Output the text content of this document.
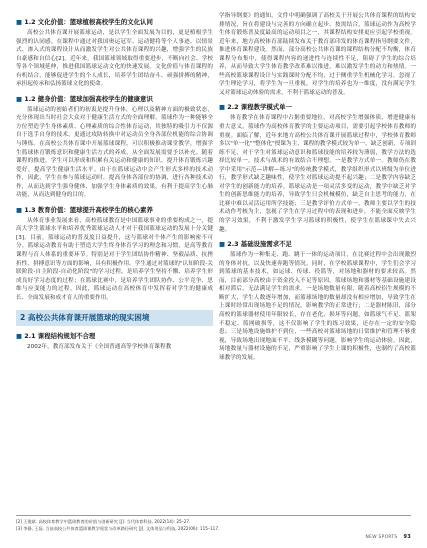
■ 1.2 文化价值：篮球植根高校学生的文化认同

高校公共体育课开展篮球运动，是以学生全面发展为目的，更是植根学生强烈的认同感。在课程中通过对我国奥运冠军、运动健将等个人事迹，以情景式、渗入式的课程设计从而激发学生对公共体育课程的兴趣，增强学生的民族自豪感和自信心[2]。近年来，我国篮球领域取得重要进步，不断向社会、学校等各个领域延伸，推进我国篮球运动文化的快速发展。文化价值与体育课程的有机结合，能够促进学生的个人成长，培养学生团结奋斗、顽强拼搏的精神，承担起传承和弘扬篮球文化的使命。

■ 1.2 健身价值：篮球加强高校学生的健康意识

篮球运动的创始者们的初衷是提升身体，心理以及精神方面的极致状态，充分体现出当时社会大众对于健康生活方式的全面理解。篮球作为一种能够全方位塑造学生身体素质、心理素质的综合性体育运动，其独特的吸引力不仅源自于选手自身的技术，更通过攻防转换中对运动员全身各部位机能的综合协调与锤炼。在高校公共体育课中开展篮球课程，可以积极推动课堂教学，增强学生篮球体育锻炼意识和健康生活方式的养成，从全面发展需要予以补充。随着课程的推进，学生可以形成和积累有关运动和健康的知识，提升体育锻炼兴趣爱好，提高学生健康生活水平。由于在篮球运动中会产生形式多样的技术动作，因此，学生在参与篮球运动时，提高身体各部位的协调，进行各种技术动作，从而达到学生强身健体、加强学生身体素质的效果，有利于提高学生心肺功能，从而达到健身的目的。

■ 1.3 教育价值：篮球提升高校学生的核心素养

从体育事业发展来看，高校篮球教育是中国篮球事业的重要构成之一，提高大学生篮球水平和培养优秀篮球运动人才对于我国篮球运动的发展十分关键[3]。目前，篮球运动的普及度日益提升，这与篮球对个体产生的影响密不可分。篮球运动教育有助于塑造大学生终身体育学习的理念和习惯，是高等教育课程与育人体系的重要环节。特别是对于学生团结协作精神、坚毅品质、抗挫折性、拼搏意识等方面的影响，具有积极作用。学生通过对篮球的"认知阶段-关联阶段-自主阶段-自动化阶段"的学习过程，是培养学生坚持不懈、培养学生形成良好学习态度的过程；在篮球比赛中，是培养学生团队协作、公平竞争、思维与应变能力的过程。因此，篮球运动在高校体育中发挥着对学生的健康成长、全面发展和成才育人的重要作用。

2 高校公共体育课开展篮球的现实困境
■ 2.1 课程结构规划不合理

2002年，教育部发布关于《全国普通高等学校体育课程教

学指导纲要》的通知，文件中明确强调了高校关于开展公共体育课程的结构安排情况，旨在将建设与完善的方向确立起步、按需结合，篮球运动作为高校学生体育锻炼普及度最高的运动项目之一，其课程结构安排更应引起学校重视。近年来，地方高校体育部陆续发布关于教育部印发的体育课程指导纲要文件，推进体育课程建设。然而，部分高校公共体育课的课程结构分配不均衡，体育课程分布集中，使得课程内容的递进性与连续性不足，阻碍了学生的综合培养，从而导致大学生体育教学改革难以推进，难以激发学生的动力和热情。一些高校篮球课程设计与实践课时分配不均，过于侧重学生机械化学习，忽视了学生理论学习，将学生为一旦重视，对学生的培养也为一维度，没有满足学生又对篮球运动体验的需求，不利于篮球运动的普及。

■ 2.2 课程教学模式单一

体育教学在体育课程中占据重要地位，对高校学生增强体质、增进健康有重大意义。篮球作为高校体育教学的主要运动项目，需要引起学校体育教师的重视。面临了解，近年来地方高校公共体育课开展篮球过程中，学校体育教师多以"单一化""整体化"授课为主，课程的教学模式较为单一，缺乏创新，专项训练不足，对于学生对篮球运动意识和篮球技能的培养较为薄弱，教学方法的选择比较单一，技术与战术的有效结合不理想。一是教学方式单一。教师仍在教学中采用"示范—讲解—练习"的传统教学模式，教学组织形式以班级为单位进行，教学形式缺乏趣味性，使学生对篮球运动提不起兴趣；二是教学内容缺乏对学生的创新能力的培养。篮球运动是一项灵活多变的运动，教学中缺乏对学生的创新思维能力的培养，导致学生只会机械模仿，缺乏自主思考的能力，在比赛中难以灵活运用所学技能；三是教学评价方式单一，教师主要以学生的技术动作考核为主，忽视了学生在学习过程中的表现和进步，不能全面反映学生的学习效果，不利于激发学生学习篮球的积极性，使学生在篮球课中失去兴趣。

■ 2.3 基础设施需求不足

篮球作为一种集走、跑、跳于一体的运动项目，在比赛过程中会出现激烈的身体对抗，以及快速奔跑等情况。同时，在学校篮球课程中，学生们会学习到篮球的基本技术，如运球、传球、投篮等，对场地和器材的要求较高。然而，目前部分高校由于资金投入不足等原因，篮球场地和器材等基础设施建设相对滞后，无法满足学生的需求。一是场地数量有限，随着高校招生规模的不断扩大，学生人数逐年增加，而篮球场地的数量却没有相应增加，导致学生在上课时经常出现场地不足的情况，影响教学的正常进行；二是器材陈旧，部分高校的篮球器材使用年限较长，存在老化、损坏等问题，如篮球气不足、篮架不稳定、篮网破损等，这不仅影响了学生的练习效果，还存在一定的安全隐患；三是场地设施维护不到位，一些高校对篮球场地的日常维护和管理不够重视，导致场地出现地面不平、线条模糊等问题，影响学生的运动体验。因此，场地数量与器材设施的不足，严重影响了学生上课的积极性，也制约了高校篮球教学的发展。

[2] 王俊斌. 高校体育教学中篮球教育的价值与创新研究 [J]. 当代体育科技, 2022(14): 25–27.
[3] 李静, 王磊. 当前高校公共体育篮球课教学现状与改革路径研究 [J]. 文体用品与科技, 2022(06): 115–117.
NEW SPORTS 93
